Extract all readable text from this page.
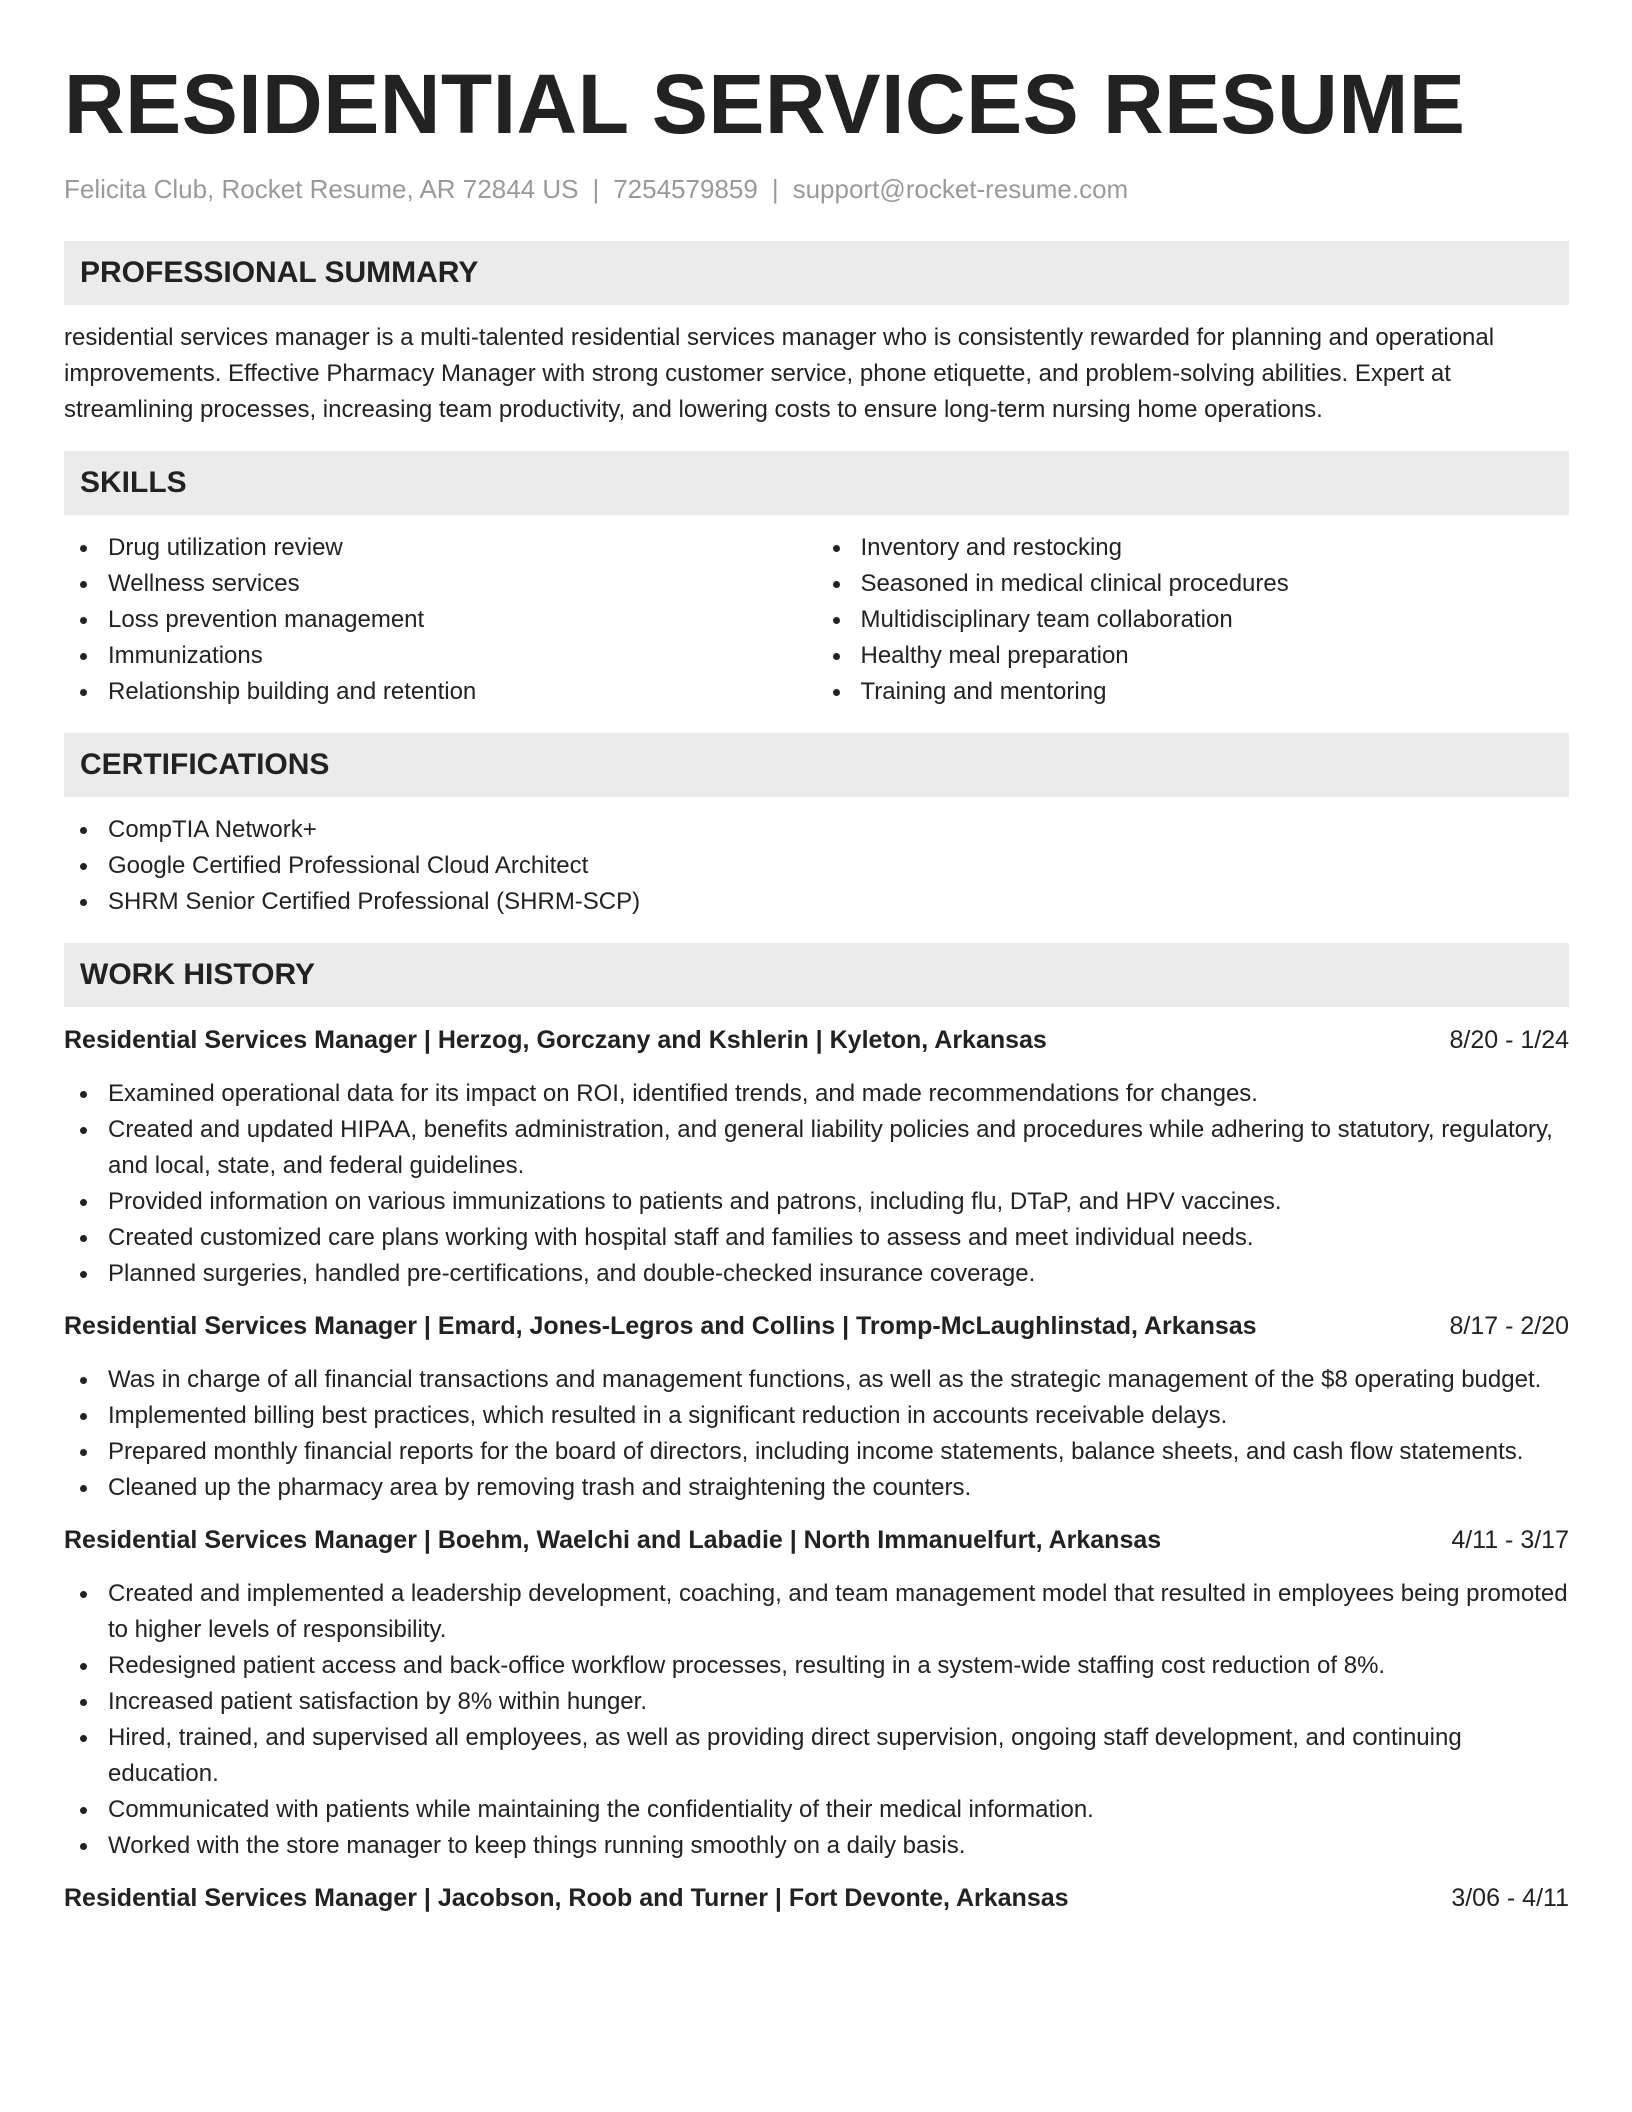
RESIDENTIAL SERVICES RESUME
Felicita Club, Rocket Resume, AR 72844 US | 7254579859 | support@rocket-resume.com
PROFESSIONAL SUMMARY

residential services manager is a multi-talented residential services manager who is consistently rewarded for planning and operational improvements. Effective Pharmacy Manager with strong customer service, phone etiquette, and problem-solving abilities. Expert at streamlining processes, increasing team productivity, and lowering costs to ensure long-term nursing home operations.

SKILLS
Drug utilization review
Wellness services
Loss prevention management
Immunizations
Relationship building and retention
Inventory and restocking
Seasoned in medical clinical procedures
Multidisciplinary team collaboration
Healthy meal preparation
Training and mentoring
CERTIFICATIONS
CompTIA Network+
Google Certified Professional Cloud Architect
SHRM Senior Certified Professional (SHRM-SCP)
WORK HISTORY
Residential Services Manager | Herzog, Gorczany and Kshlerin | Kyleton, Arkansas	8/20 - 1/24
Examined operational data for its impact on ROI, identified trends, and made recommendations for changes.
Created and updated HIPAA, benefits administration, and general liability policies and procedures while adhering to statutory, regulatory, and local, state, and federal guidelines.
Provided information on various immunizations to patients and patrons, including flu, DTaP, and HPV vaccines.
Created customized care plans working with hospital staff and families to assess and meet individual needs.
Planned surgeries, handled pre-certifications, and double-checked insurance coverage.
Residential Services Manager | Emard, Jones-Legros and Collins | Tromp-McLaughlinstad, Arkansas	8/17 - 2/20
Was in charge of all financial transactions and management functions, as well as the strategic management of the $8 operating budget.
Implemented billing best practices, which resulted in a significant reduction in accounts receivable delays.
Prepared monthly financial reports for the board of directors, including income statements, balance sheets, and cash flow statements.
Cleaned up the pharmacy area by removing trash and straightening the counters.
Residential Services Manager | Boehm, Waelchi and Labadie | North Immanuelfurt, Arkansas	4/11 - 3/17
Created and implemented a leadership development, coaching, and team management model that resulted in employees being promoted to higher levels of responsibility.
Redesigned patient access and back-office workflow processes, resulting in a system-wide staffing cost reduction of 8%.
Increased patient satisfaction by 8% within hunger.
Hired, trained, and supervised all employees, as well as providing direct supervision, ongoing staff development, and continuing education.
Communicated with patients while maintaining the confidentiality of their medical information.
Worked with the store manager to keep things running smoothly on a daily basis.
Residential Services Manager | Jacobson, Roob and Turner | Fort Devonte, Arkansas	3/06 - 4/11
